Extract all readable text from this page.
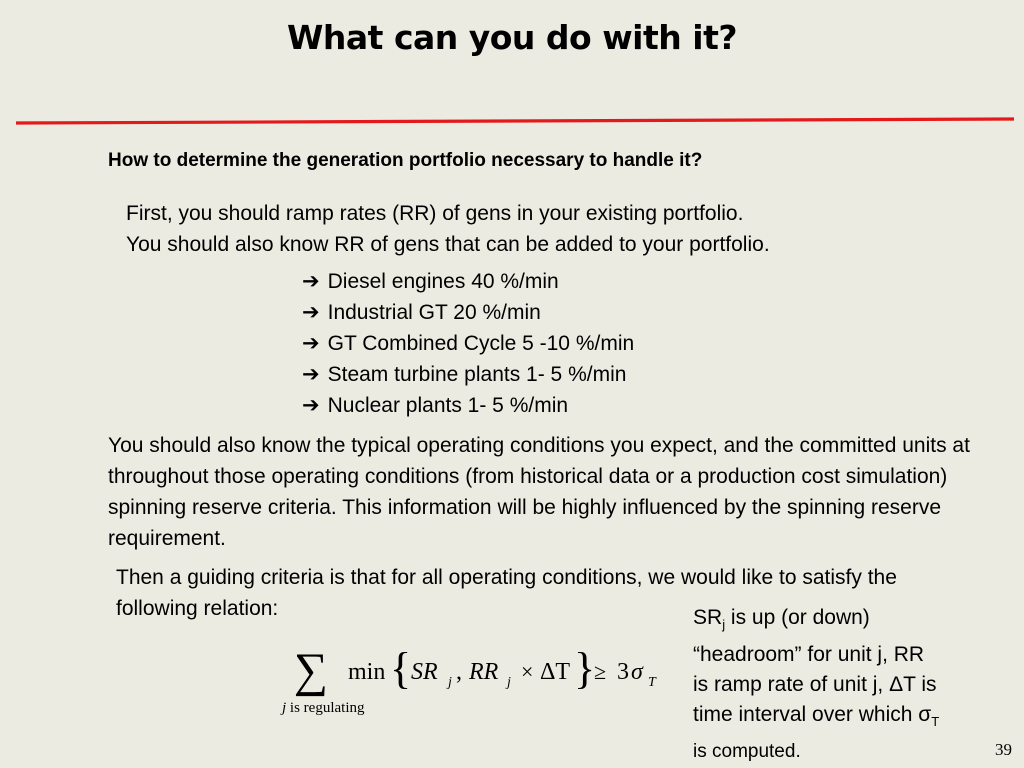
What can you do with it?
How to determine the generation portfolio necessary to handle it?
First, you should ramp rates (RR) of gens in your existing portfolio.
You should also know RR of gens that can be added to your portfolio.
➔ Diesel engines 40 %/min
➔ Industrial GT 20 %/min
➔ GT Combined Cycle 5 -10 %/min
➔ Steam turbine plants 1- 5 %/min
➔ Nuclear plants 1- 5 %/min
You should also know the typical operating conditions you expect, and the committed units at throughout those operating conditions (from historical data or a production cost simulation) spinning reserve criteria. This information will be highly influenced by the spinning reserve requirement.
Then a guiding criteria is that for all operating conditions, we would like to satisfy the following relation:
∑ min { SR j , RR j × ΔT }
≥ 3 σ T
j is regulating
$SR_j$ is up (or down)
“headroom” for unit j, RR
is ramp rate of unit j, ΔT is
time interval over which $\sigma_T$
is computed.	39
